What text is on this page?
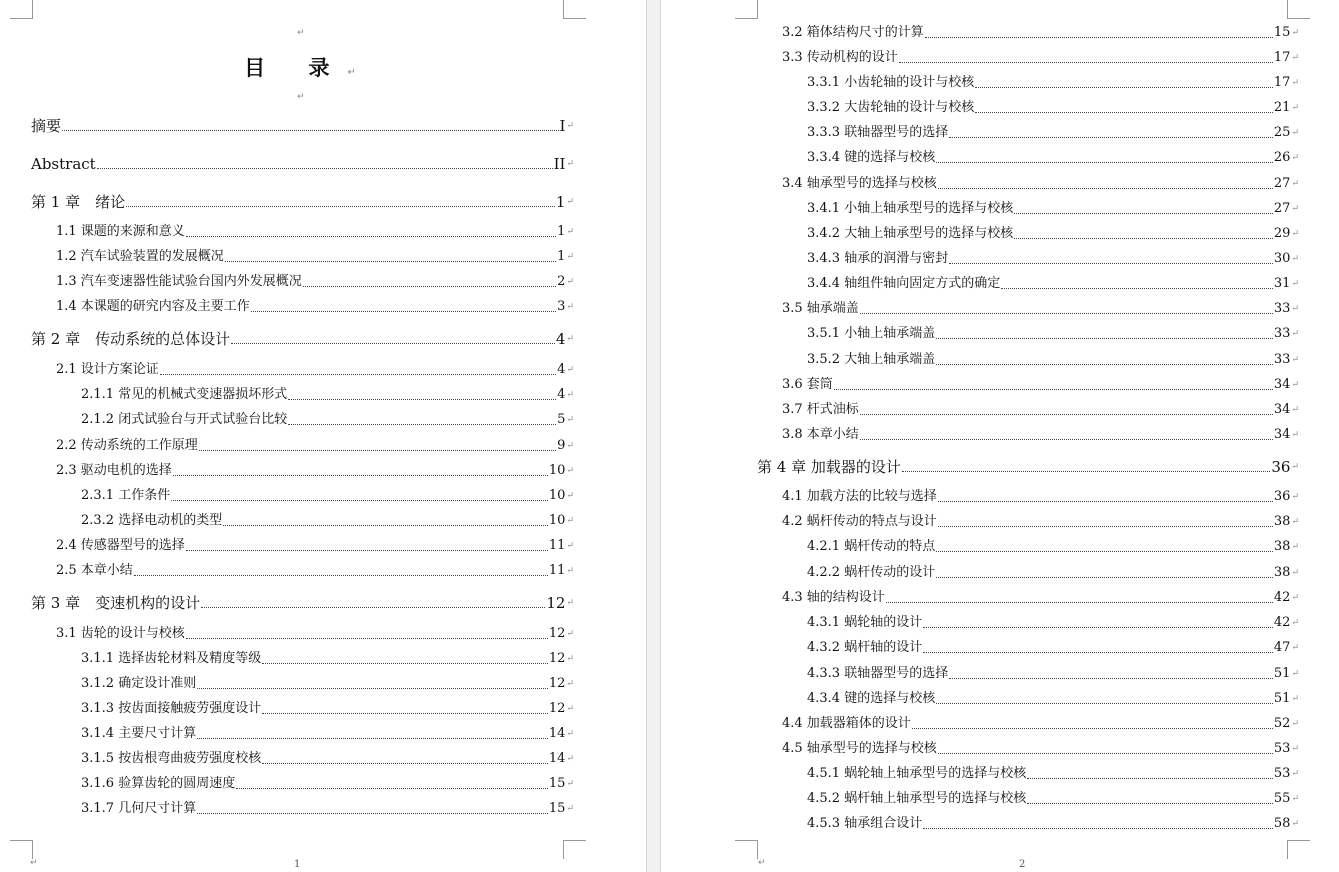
↵
目 录↵
↵
摘要	I ↵
Abstract	II ↵
第 1 章　绪论	1 ↵
1.1 课题的来源和意义	1 ↵
1.2 汽车试验装置的发展概况	1 ↵
1.3 汽车变速器性能试验台国内外发展概况	2 ↵
1.4 本课题的研究内容及主要工作	3 ↵
第 2 章　传动系统的总体设计	4 ↵
2.1 设计方案论证	4 ↵
2.1.1 常见的机械式变速器损坏形式	4 ↵
2.1.2 闭式试验台与开式试验台比较	5 ↵
2.2 传动系统的工作原理	9 ↵
2.3 驱动电机的选择	10 ↵
2.3.1 工作条件	10 ↵
2.3.2 选择电动机的类型	10 ↵
2.4 传感器型号的选择	11 ↵
2.5 本章小结	11 ↵
第 3 章　变速机构的设计	12 ↵
3.1 齿轮的设计与校核	12 ↵
3.1.1 选择齿轮材料及精度等级	12 ↵
3.1.2 确定设计准则	12 ↵
3.1.3 按齿面接触疲劳强度设计	12 ↵
3.1.4 主要尺寸计算	14 ↵
3.1.5 按齿根弯曲疲劳强度校核	14 ↵
3.1.6 验算齿轮的圆周速度	15 ↵
3.1.7 几何尺寸计算	15 ↵
1
↵
3.2 箱体结构尺寸的计算	15 ↵
3.3 传动机构的设计	17 ↵
3.3.1 小齿轮轴的设计与校核	17 ↵
3.3.2 大齿轮轴的设计与校核	21 ↵
3.3.3 联轴器型号的选择	25 ↵
3.3.4 键的选择与校核	26 ↵
3.4 轴承型号的选择与校核	27 ↵
3.4.1 小轴上轴承型号的选择与校核	27 ↵
3.4.2 大轴上轴承型号的选择与校核	29 ↵
3.4.3 轴承的润滑与密封	30 ↵
3.4.4 轴组件轴向固定方式的确定	31 ↵
3.5 轴承端盖	33 ↵
3.5.1 小轴上轴承端盖	33 ↵
3.5.2 大轴上轴承端盖	33 ↵
3.6 套筒	34 ↵
3.7 杆式油标	34 ↵
3.8 本章小结	34 ↵
第 4 章 加载器的设计	36 ↵
4.1 加载方法的比较与选择	36 ↵
4.2 蜗杆传动的特点与设计	38 ↵
4.2.1 蜗杆传动的特点	38 ↵
4.2.2 蜗杆传动的设计	38 ↵
4.3 轴的结构设计	42 ↵
4.3.1 蜗轮轴的设计	42 ↵
4.3.2 蜗杆轴的设计	47 ↵
4.3.3 联轴器型号的选择	51 ↵
4.3.4 键的选择与校核	51 ↵
4.4 加载器箱体的设计	52 ↵
4.5 轴承型号的选择与校核	53 ↵
4.5.1 蜗轮轴上轴承型号的选择与校核	53 ↵
4.5.2 蜗杆轴上轴承型号的选择与校核	55 ↵
4.5.3 轴承组合设计	58 ↵
2
↵
